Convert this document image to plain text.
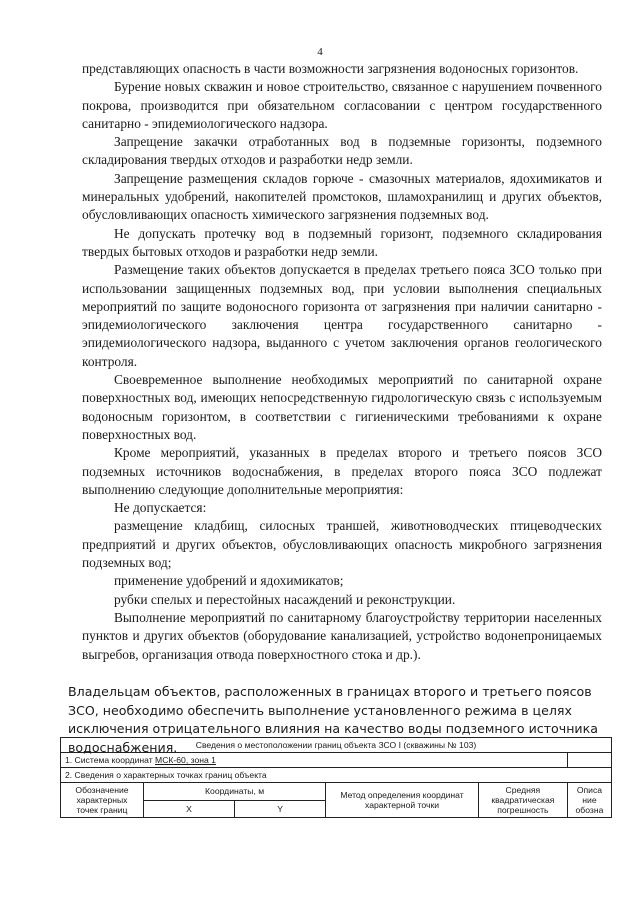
4

представляющих опасность в части возможности загрязнения водоносных горизонтов.

Бурение новых скважин и новое строительство, связанное с нарушением почвенного покрова, производится при обязательном согласовании с центром государственного санитарно - эпидемиологического надзора.

Запрещение закачки отработанных вод в подземные горизонты, подземного складирования твердых отходов и разработки недр земли.

Запрещение размещения складов горюче - смазочных материалов, ядохимикатов и минеральных удобрений, накопителей промстоков, шламохранилищ и других объектов, обусловливающих опасность химического загрязнения подземных вод.

Не допускать протечку вод в подземный горизонт, подземного складирования твердых бытовых отходов и разработки недр земли.

Размещение таких объектов допускается в пределах третьего пояса ЗСО только при использовании защищенных подземных вод, при условии выполнения специальных мероприятий по защите водоносного горизонта от загрязнения при наличии санитарно - эпидемиологического заключения центра государственного санитарно - эпидемиологического надзора, выданного с учетом заключения органов геологического контроля.

Своевременное выполнение необходимых мероприятий по санитарной охране поверхностных вод, имеющих непосредственную гидрологическую связь с используемым водоносным горизонтом, в соответствии с гигиеническими требованиями к охране поверхностных вод.

Кроме мероприятий, указанных в пределах второго и третьего поясов ЗСО подземных источников водоснабжения, в пределах второго пояса ЗСО подлежат выполнению следующие дополнительные мероприятия:

Не допускается:

размещение кладбищ, силосных траншей, животноводческих птицеводческих предприятий и других объектов, обусловливающих опасность микробного загрязнения подземных вод;

применение удобрений и ядохимикатов;

рубки спелых и перестойных насаждений и реконструкции.

Выполнение мероприятий по санитарному благоустройству территории населенных пунктов и других объектов (оборудование канализацией, устройство водонепроницаемых выгребов, организация отвода поверхностного стока и др.).

Владельцам объектов, расположенных в границах второго и третьего поясов ЗСО, необходимо обеспечить выполнение установленного режима в целях исключения отрицательного влияния на качество воды подземного источника водоснабжения.	Сведения о местоположении границ объекта ЗСО I (скважины № 103)					
1. Система координат МСК-60, зона 1					
2. Сведения о характерных точках границ объекта					
Обозначение характерных точек границ	Координаты, м		Метод определения координат характерной точки	Средняя квадратическая погрешность	Описа ние обозна
	X	Y			
